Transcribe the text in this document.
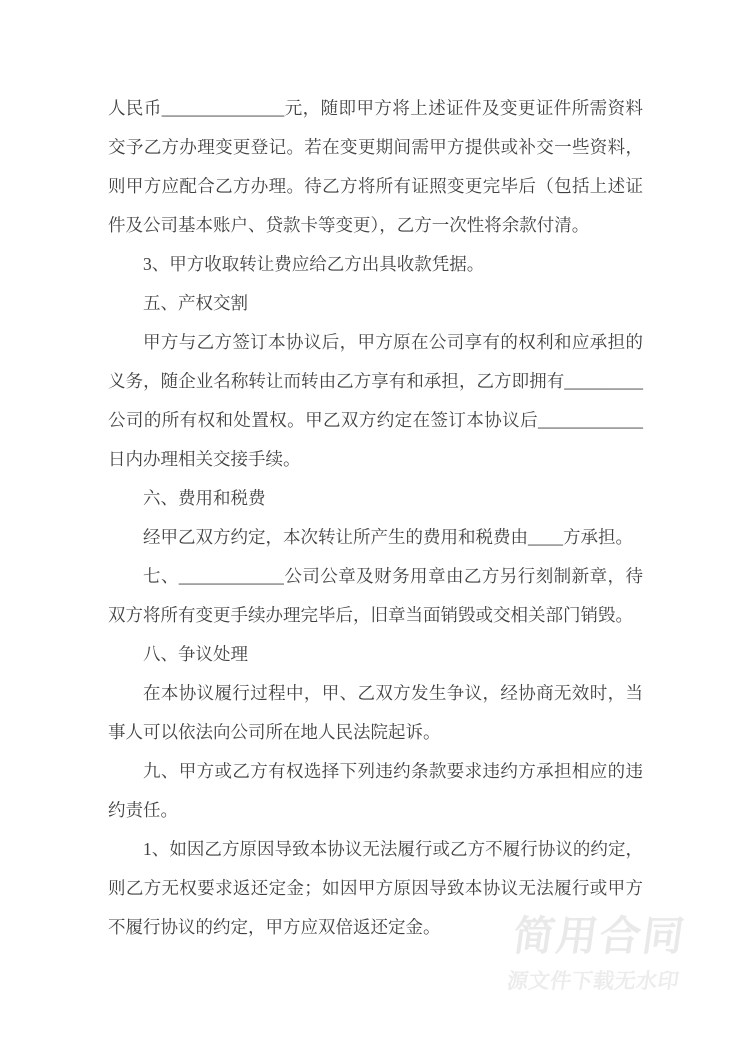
人民币______________元，随即甲方将上述证件及变更证件所需资料交予乙方办理变更登记。若在变更期间需甲方提供或补交一些资料，则甲方应配合乙方办理。待乙方将所有证照变更完毕后（包括上述证件及公司基本账户、贷款卡等变更），乙方一次性将余款付清。

3、甲方收取转让费应给乙方出具收款凭据。

五、产权交割

甲方与乙方签订本协议后，甲方原在公司享有的权利和应承担的义务，随企业名称转让而转由乙方享有和承担，乙方即拥有_________公司的所有权和处置权。甲乙双方约定在签订本协议后____________日内办理相关交接手续。

六、费用和税费

经甲乙双方约定，本次转让所产生的费用和税费由____方承担。

七、____________公司公章及财务用章由乙方另行刻制新章，待双方将所有变更手续办理完毕后，旧章当面销毁或交相关部门销毁。

八、争议处理

在本协议履行过程中，甲、乙双方发生争议，经协商无效时，当事人可以依法向公司所在地人民法院起诉。

九、甲方或乙方有权选择下列违约条款要求违约方承担相应的违约责任。

1、如因乙方原因导致本协议无法履行或乙方不履行协议的约定，则乙方无权要求返还定金；如因甲方原因导致本协议无法履行或甲方不履行协议的约定，甲方应双倍返还定金。	简用合同
源文件下载无水印
